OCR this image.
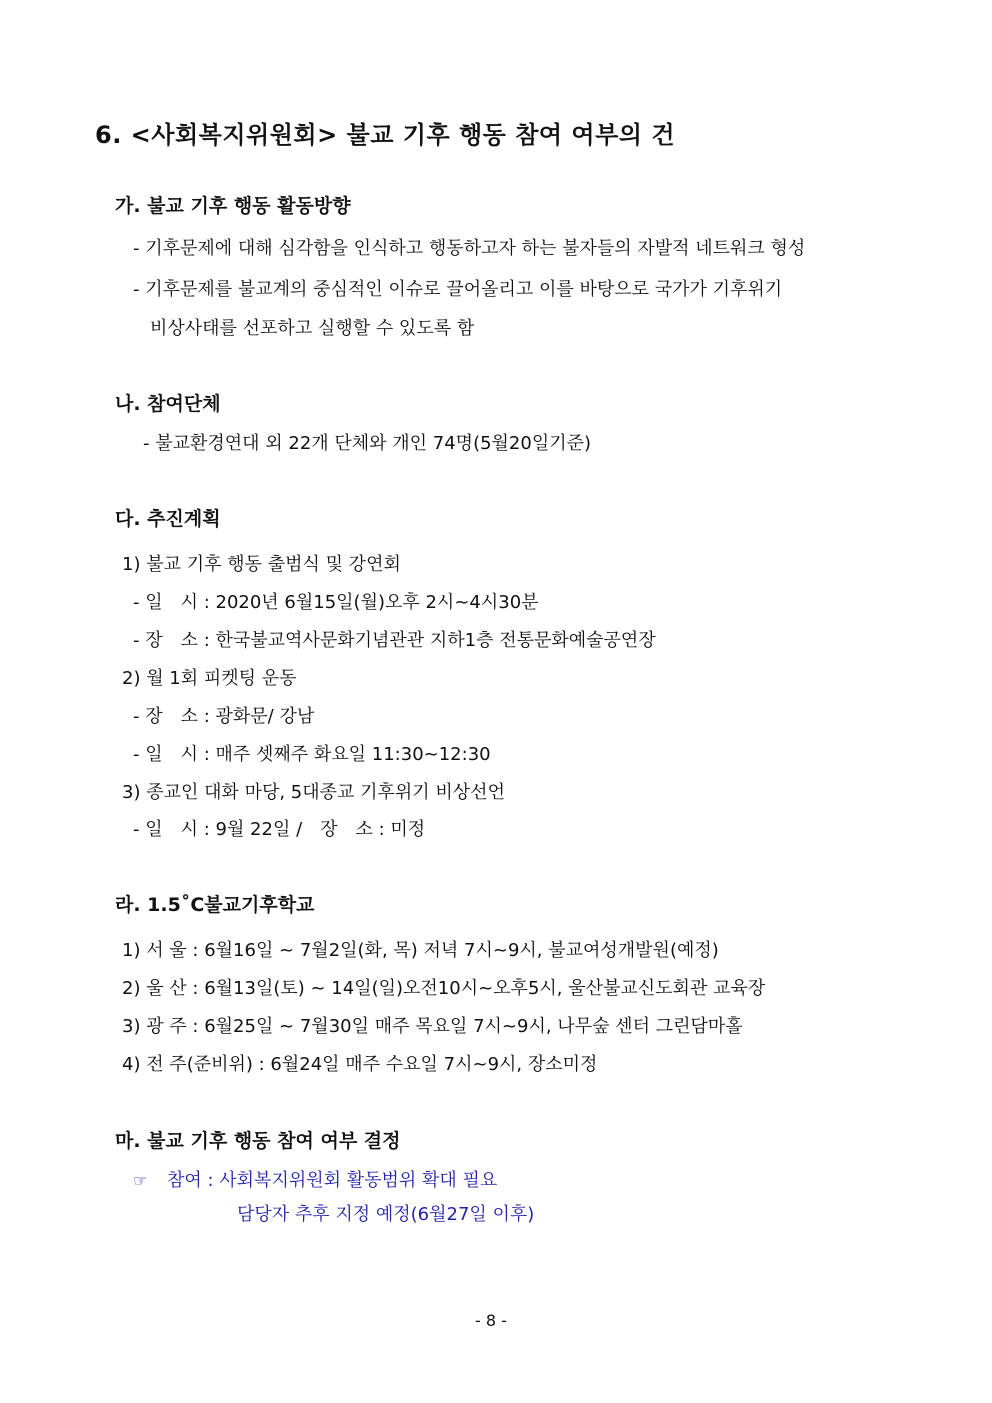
6. <사회복지위원회> 불교 기후 행동 참여 여부의 건
가. 불교 기후 행동 활동방향
- 기후문제에 대해 심각함을 인식하고 행동하고자 하는 불자들의 자발적 네트워크 형성
- 기후문제를 불교계의 중심적인 이슈로 끌어올리고 이를 바탕으로 국가가 기후위기
비상사태를 선포하고 실행할 수 있도록 함
나. 참여단체
- 불교환경연대 외 22개 단체와 개인 74명(5월20일기준)
다. 추진계획
1) 불교 기후 행동 출범식 및 강연회
- 일　시 : 2020년 6월15일(월)오후 2시~4시30분
- 장　소 : 한국불교역사문화기념관관 지하1층 전통문화예술공연장
2) 월 1회 피켓팅 운동
- 장　소 : 광화문/ 강남
- 일　시 : 매주 셋째주 화요일 11:30~12:30
3) 종교인 대화 마당, 5대종교 기후위기 비상선언
- 일　시 : 9월 22일 /　장　소 : 미정
라. 1.5˚C불교기후학교
1) 서 울 : 6월16일 ~ 7월2일(화, 목) 저녁 7시~9시, 불교여성개발원(예정)
2) 울 산 : 6월13일(토) ~ 14일(일)오전10시~오후5시, 울산불교신도회관 교육장
3) 광 주 : 6월25일 ~ 7월30일 매주 목요일 7시~9시, 나무숲 센터 그린담마홀
4) 전 주(준비위) : 6월24일 매주 수요일 7시~9시, 장소미정
마. 불교 기후 행동 참여 여부 결정
☞ 참여 : 사회복지위원회 활동범위 확대 필요
담당자 추후 지정 예정(6월27일 이후)
- 8 -
